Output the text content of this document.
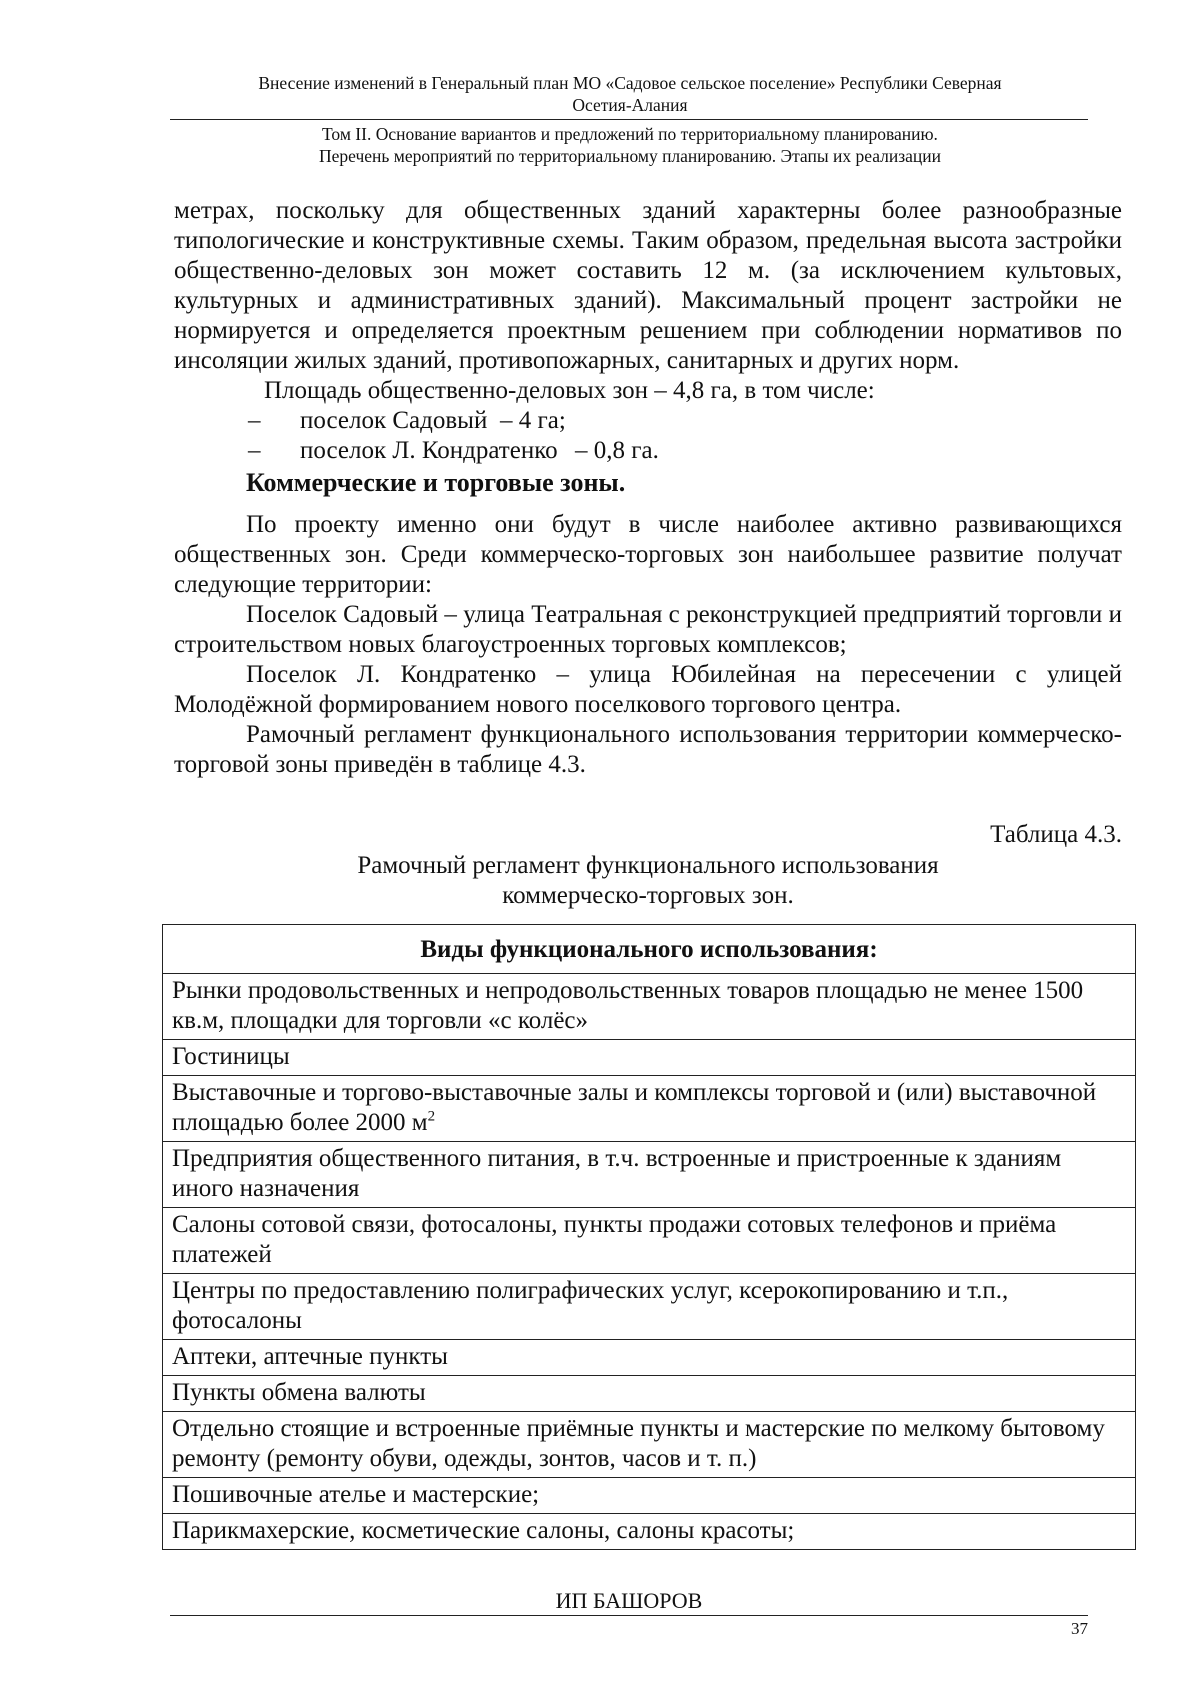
Внесение изменений в Генеральный план МО «Садовое сельское поселение» Республики Северная
Осетия-Алания
Том II. Основание вариантов и предложений по территориальному планированию.
Перечень мероприятий по территориальному планированию. Этапы их реализации

метрах, поскольку для общественных зданий характерны более разнообразные типологические и конструктивные схемы. Таким образом, предельная высота застройки общественно-деловых зон может составить 12 м. (за исключением культовых, культурных и административных зданий). Максимальный процент застройки не нормируется и определяется проектным решением при соблюдении нормативов по инсоляции жилых зданий, противопожарных, санитарных и других норм.

Площадь общественно-деловых зон – 4,8 га, в том числе:
–	поселок Садовый – 4 га;
–	поселок Л. Кондратенко – 0,8 га.
Коммерческие и торговые зоны.

По проекту именно они будут в числе наиболее активно развивающихся общественных зон. Среди коммерческо-торговых зон наибольшее развитие получат следующие территории:

Поселок Садовый – улица Театральная с реконструкцией предприятий торговли и строительством новых благоустроенных торговых комплексов;

Поселок Л. Кондратенко – улица Юбилейная на пересечении с улицей Молодёжной формированием нового поселкового торгового центра.

Рамочный регламент функционального использования территории коммерческо-торговой зоны приведён в таблице 4.3.

Таблица 4.3.
Рамочный регламент функционального использования
коммерческо-торговых зон.
Виды функционального использования:
Рынки продовольственных и непродовольственных товаров площадью не менее 1500 кв.м, площадки для торговли «с колёс»
Гостиницы
Выставочные и торгово-выставочные залы и комплексы торговой и (или) выставочной площадью более 2000 $м^2$
Предприятия общественного питания, в т.ч. встроенные и пристроенные к зданиям иного назначения
Салоны сотовой связи, фотосалоны, пункты продажи сотовых телефонов и приёма платежей
Центры по предоставлению полиграфических услуг, ксерокопированию и т.п., фотосалоны
Аптеки, аптечные пункты
Пункты обмена валюты
Отдельно стоящие и встроенные приёмные пункты и мастерские по мелкому бытовому ремонту (ремонту обуви, одежды, зонтов, часов и т. п.)
Пошивочные ателье и мастерские;
Парикмахерские, косметические салоны, салоны красоты;
ИП БАШОРОВ
37
